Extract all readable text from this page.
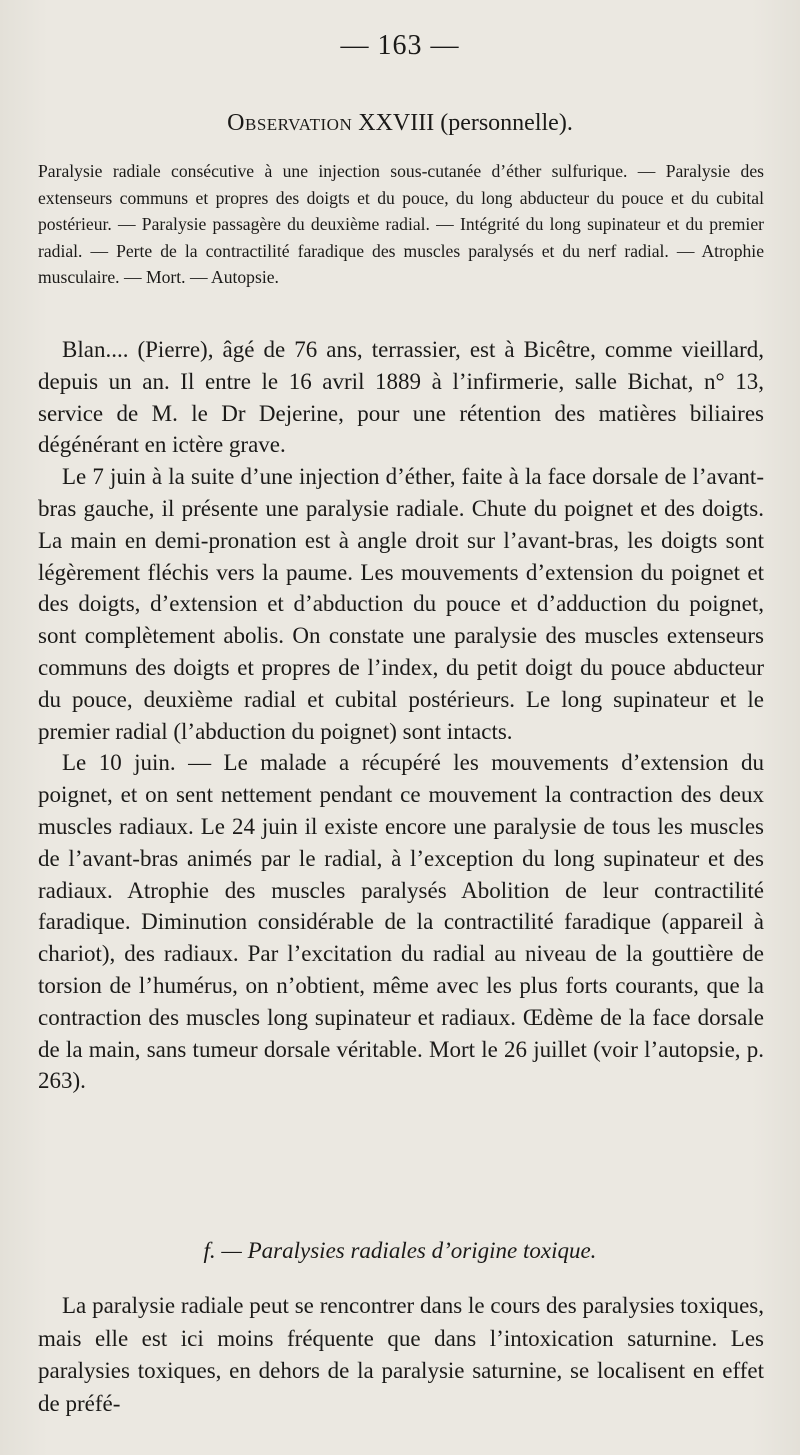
— 163 —
Observation XXVIII (personnelle).

Paralysie radiale consécutive à une injection sous-cutanée d’éther sulfurique. — Paralysie des extenseurs communs et propres des doigts et du pouce, du long abducteur du pouce et du cubital postérieur. — Paralysie passagère du deuxième radial. — Intégrité du long supinateur et du premier radial. — Perte de la contractilité faradique des muscles paralysés et du nerf radial. — Atrophie musculaire. — Mort. — Autopsie.

Blan.... (Pierre), âgé de 76 ans, terrassier, est à Bicêtre, comme vieillard, depuis un an. Il entre le 16 avril 1889 à l’infirmerie, salle Bichat, n° 13, service de M. le Dr Dejerine, pour une rétention des matières biliaires dégénérant en ictère grave.

Le 7 juin à la suite d’une injection d’éther, faite à la face dorsale de l’avant-bras gauche, il présente une paralysie radiale. Chute du poignet et des doigts. La main en demi-pronation est à angle droit sur l’avant-bras, les doigts sont légèrement fléchis vers la paume. Les mouvements d’extension du poignet et des doigts, d’extension et d’abduction du pouce et d’adduction du poignet, sont complètement abolis. On constate une paralysie des muscles extenseurs communs des doigts et propres de l’index, du petit doigt du pouce abducteur du pouce, deuxième radial et cubital postérieurs. Le long supinateur et le premier radial (l’abduction du poignet) sont intacts.

Le 10 juin. — Le malade a récupéré les mouvements d’extension du poignet, et on sent nettement pendant ce mouvement la contraction des deux muscles radiaux. Le 24 juin il existe encore une paralysie de tous les muscles de l’avant-bras animés par le radial, à l’exception du long supinateur et des radiaux. Atrophie des muscles paralysés Abolition de leur contractilité faradique. Diminution considérable de la contractilité faradique (appareil à chariot), des radiaux. Par l’excitation du radial au niveau de la gouttière de torsion de l’humérus, on n’obtient, même avec les plus forts courants, que la contraction des muscles long supinateur et radiaux. Œdème de la face dorsale de la main, sans tumeur dorsale véritable. Mort le 26 juillet (voir l’autopsie, p. 263).

f. — Paralysies radiales d’origine toxique.

La paralysie radiale peut se rencontrer dans le cours des paralysies toxiques, mais elle est ici moins fréquente que dans l’intoxication saturnine. Les paralysies toxiques, en dehors de la paralysie saturnine, se localisent en effet de préfé-
